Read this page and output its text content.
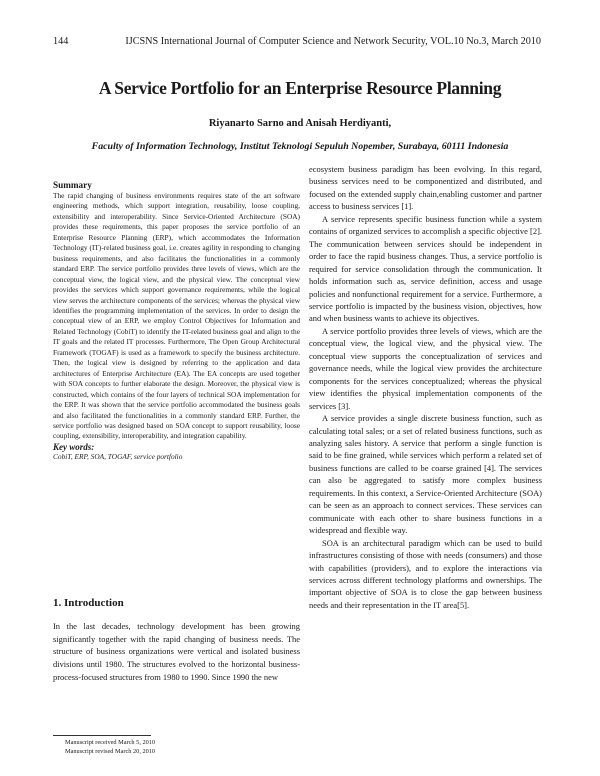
144	IJCSNS International Journal of Computer Science and Network Security, VOL.10 No.3, March 2010
A Service Portfolio for an Enterprise Resource Planning
Riyanarto Sarno and Anisah Herdiyanti,
Faculty of Information Technology, Institut Teknologi Sepuluh Nopember, Surabaya, 60111 Indonesia

Summary

The rapid changing of business environments requires state of the art software engineering methods, which support integration, reusability, loose coupling, extensibility and interoperability. Since Service-Oriented Architecture (SOA) provides these requirements, this paper proposes the service portfolio of an Enterprise Resource Planning (ERP), which accommodates the Information Technology (IT)-related business goal, i.e. creates agility in responding to changing business requirements, and also facilitates the functionalities in a commonly standard ERP. The service portfolio provides three levels of views, which are the conceptual view, the logical view, and the physical view. The conceptual view provides the services which support governance requirements, while the logical view serves the architecture components of the services; whereas the physical view identifies the programming implementation of the services. In order to design the conceptual view of an ERP, we employ Control Objectives for Information and Related Technology (CobiT) to identify the IT-related business goal and align to the IT goals and the related IT processes. Furthermore, The Open Group Architectural Framework (TOGAF) is used as a framework to specify the business architecture. Then, the logical view is designed by referring to the application and data architectures of Enterprise Architecture (EA). The EA concepts are used together with SOA concepts to further elaborate the design. Moreover, the physical view is constructed, which contains of the four layers of technical SOA implementation for the ERP. It was shown that the service portfolio accommodated the business goals and also facilitated the functionalities in a commonly standard ERP. Further, the service portfolio was designed based on SOA concept to support reusability, loose coupling, extensibility, interoperability, and integration capability.

Key words:

CobiT, ERP, SOA, TOGAF, service portfolio

1. Introduction

In the last decades, technology development has been growing significantly together with the rapid changing of business needs. The structure of business organizations were vertical and isolated business divisions until 1980. The structures evolved to the horizontal business-process-focused structures from 1980 to 1990. Since 1990 the new

ecosystem business paradigm has been evolving. In this regard, business services need to be componentized and distributed, and focused on the extended supply chain,enabling customer and partner access to business services [1].

A service represents specific business function while a system contains of organized services to accomplish a specific objective [2]. The communication between services should be independent in order to face the rapid business changes. Thus, a service portfolio is required for service consolidation through the communication. It holds information such as, service definition, access and usage policies and nonfunctional requirement for a service. Furthermore, a service portfolio is impacted by the business vision, objectives, how and when business wants to achieve its objectives.

A service portfolio provides three levels of views, which are the conceptual view, the logical view, and the physical view. The conceptual view supports the conceptualization of services and governance needs, while the logical view provides the architecture components for the services conceptualized; whereas the physical view identifies the physical implementation components of the services [3].

A service provides a single discrete business function, such as calculating total sales; or a set of related business functions, such as analyzing sales history. A service that perform a single function is said to be fine grained, while services which perform a related set of business functions are called to be coarse grained [4]. The services can also be aggregated to satisfy more complex business requirements. In this context, a Service-Oriented Architecture (SOA) can be seen as an approach to connect services. These services can communicate with each other to share business functions in a widespread and flexible way.

SOA is an architectural paradigm which can be used to build infrastructures consisting of those with needs (consumers) and those with capabilities (providers), and to explore the interactions via services across different technology platforms and ownerships. The important objective of SOA is to close the gap between business needs and their representation in the IT area[5].

Manuscript received March 5, 2010

Manuscript revised March 20, 2010
